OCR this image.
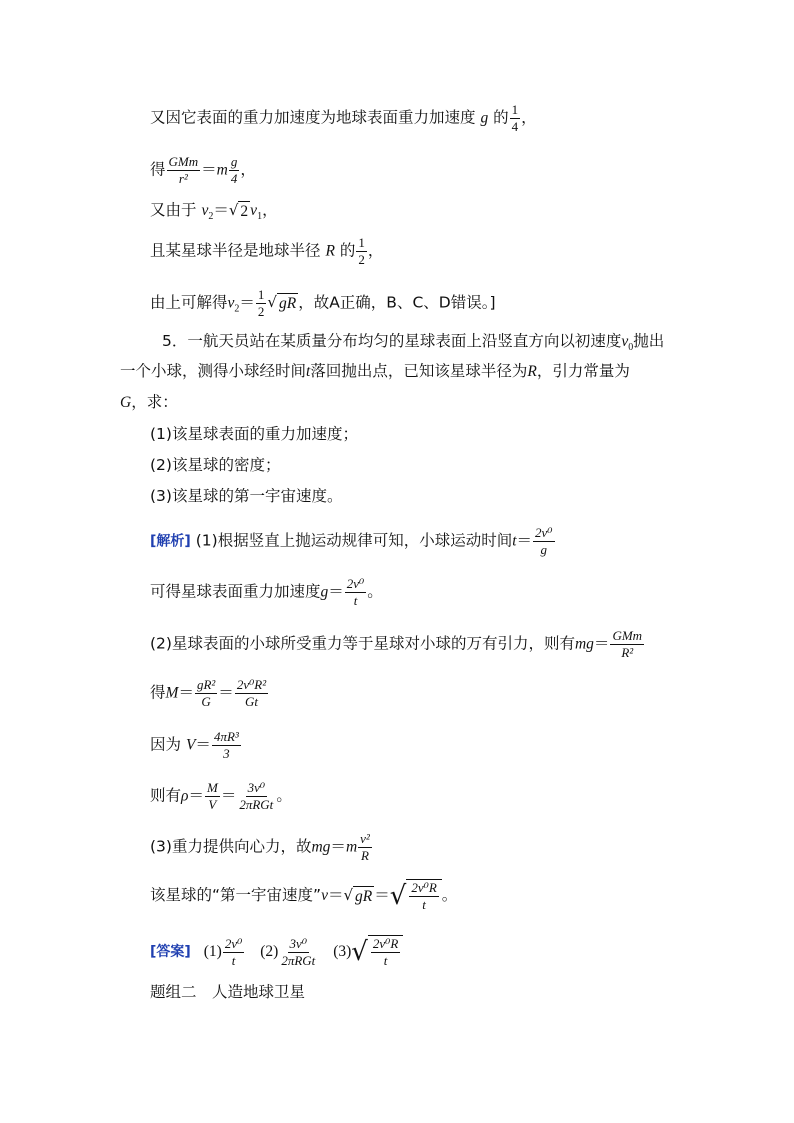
又因它表面的重力加速度为地球表面重力加速度 g 的 $\frac{1}{4}$ ，
得 $\frac{\text{GMm}}{\text{r²}} =m \frac{g}{4}$ ，
又由于 $v_2=$ √ 2 $v_1$，
且某星球半径是地球半径 R 的 $\frac{1}{2}$ ，
由上可解得$v_2= \frac{1}{2}$ √ gR ，故A正确，B、C、D错误。]
5．一航天员站在某质量分布均匀的星球表面上沿竖直方向以初速度$v_0$抛出
一个小球，测得小球经时间t落回抛出点，已知该星球半径为R，引力常量为
G，求：
(1)该星球表面的重力加速度；
(2)该星球的密度；
(3)该星球的第一宇宙速度。
[解析] (1)根据竖直上抛运动规律可知，小球运动时间$t= \frac{\text{2v⁰}}{g}$
可得星球表面重力加速度$g= \frac{\text{2v⁰}}{t}$ 。
(2)星球表面的小球所受重力等于星球对小球的万有引力，则有$mg= \frac{\text{GMm}}{\text{R²}}$
得$M= \frac{\text{gR²}}{G} = \frac{\text{2v⁰R²}}{Gt}$
因为 $V= \frac{\text{4πR³}}{3}$
则有$\rho= \frac{M}{V} = \frac{\text{3v⁰}}{\text{2πRGt}}$ 。
(3)重力提供向心力，故$mg=m \frac{\text{v²}}{R}$
该星球的“第一宇宙速度”v＝ √ gR ＝ √ $\frac{\text{2v⁰R}}{t}$ 。
[答案] $(1) \frac{\text{2v⁰}}{t} (2) \frac{\text{3v⁰}}{\text{2πRGt}} (3)$ √ $\frac{\text{2v⁰R}}{t}$
题组二　人造地球卫星
